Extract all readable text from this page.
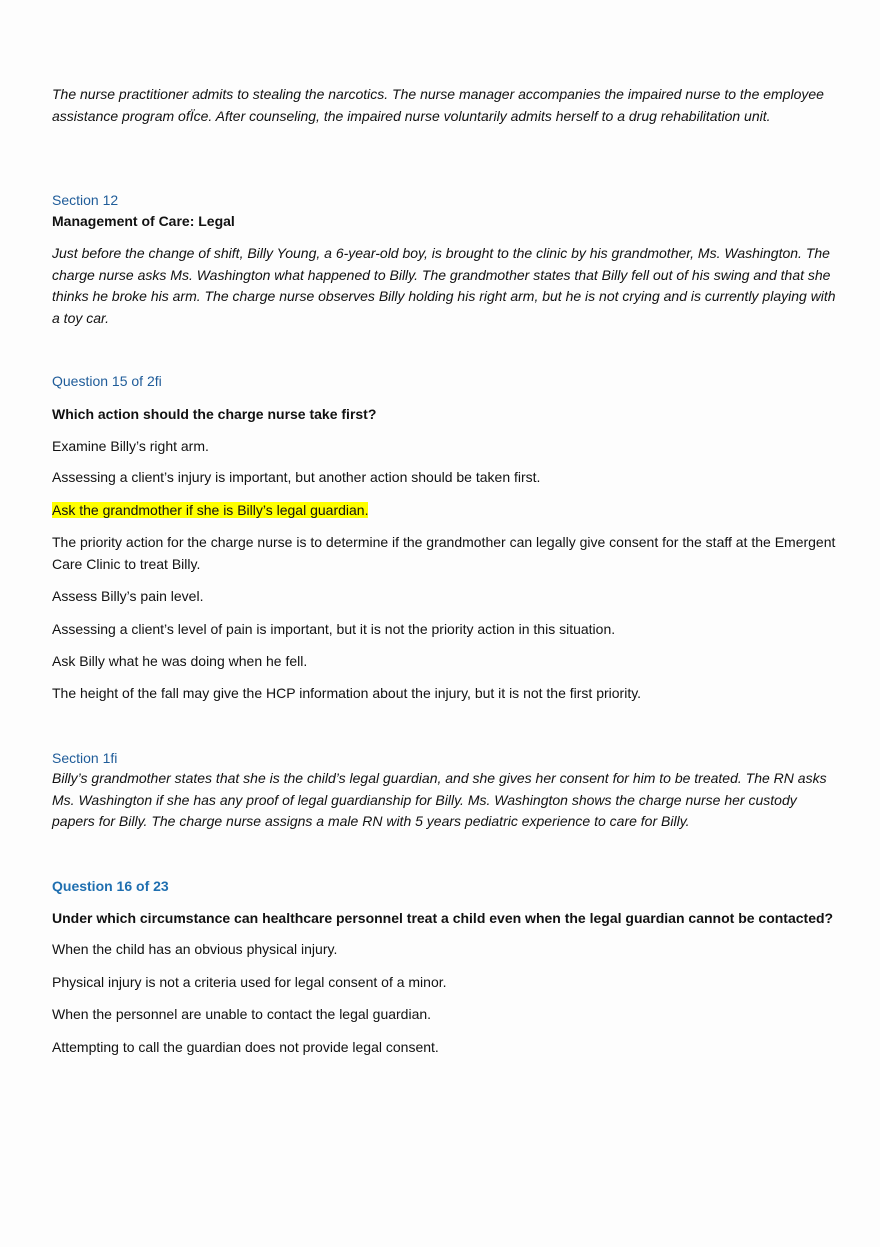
The nurse practitioner admits to stealing the narcotics. The nurse manager accompanies the impaired nurse to the employee assistance program ofÏce. After counseling, the impaired nurse voluntarily admits herself to a drug rehabilitation unit.

Section 12

Management of Care: Legal

Just before the change of shift, Billy Young, a 6-year-old boy, is brought to the clinic by his grandmother, Ms. Washington. The charge nurse asks Ms. Washington what happened to Billy. The grandmother states that Billy fell out of his swing and that she thinks he broke his arm. The charge nurse observes Billy holding his right arm, but he is not crying and is currently playing with a toy car.

Question 15 of 2ﬁ

Which action should the charge nurse take first?

Examine Billy’s right arm.

Assessing a client’s injury is important, but another action should be taken first.

Ask the grandmother if she is Billy’s legal guardian.

The priority action for the charge nurse is to determine if the grandmother can legally give consent for the staff at the Emergent Care Clinic to treat Billy.

Assess Billy’s pain level.

Assessing a client’s level of pain is important, but it is not the priority action in this situation.

Ask Billy what he was doing when he fell.

The height of the fall may give the HCP information about the injury, but it is not the first priority.

Section 1ﬁ

Billy’s grandmother states that she is the child’s legal guardian, and she gives her consent for him to be treated. The RN asks Ms. Washington if she has any proof of legal guardianship for Billy. Ms. Washington shows the charge nurse her custody papers for Billy. The charge nurse assigns a male RN with 5 years pediatric experience to care for Billy.

Question 16 of 23

Under which circumstance can healthcare personnel treat a child even when the legal guardian cannot be contacted?

When the child has an obvious physical injury.

Physical injury is not a criteria used for legal consent of a minor.

When the personnel are unable to contact the legal guardian.

Attempting to call the guardian does not provide legal consent.
